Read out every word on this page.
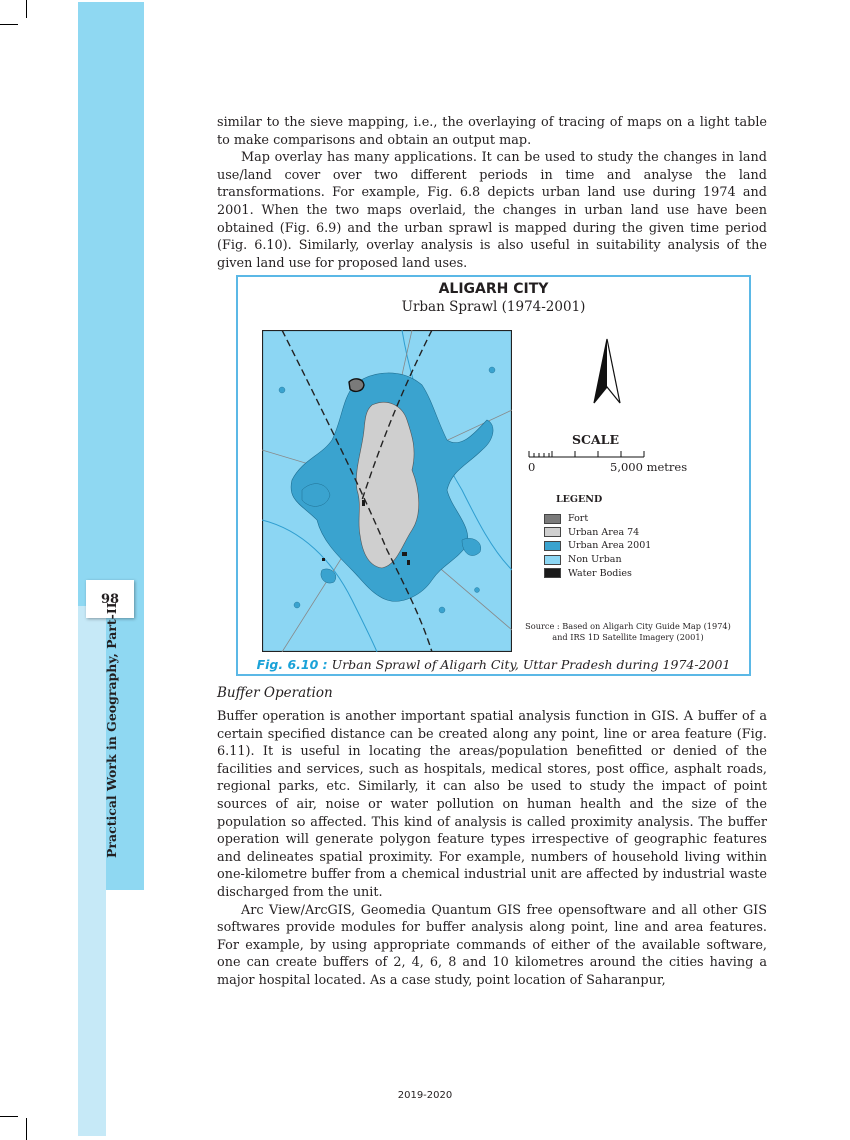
98
Practical Work in Geography, Part-II

similar to the sieve mapping, i.e., the overlaying of tracing of maps on a light table to make comparisons and obtain an output map.

Map overlay has many applications. It can be used to study the changes in land use/land cover over two different periods in time and analyse the land transformations. For example, Fig. 6.8 depicts urban land use during 1974 and 2001. When the two maps overlaid, the changes in urban land use have been obtained (Fig. 6.9) and the urban sprawl is mapped during the given time period (Fig. 6.10). Similarly, overlay analysis is also useful in suitability analysis of the given land use for proposed land uses.

ALIGARH CITY
Urban Sprawl (1974-2001)
SCALE
0	5,000 metres
LEGEND
Fort
Urban Area 74
Urban Area 2001
Non Urban
Water Bodies
Source : Based on Aligarh City Guide Map (1974)
and IRS 1D Satellite Imagery (2001)
Fig. 6.10 : Urban Sprawl of Aligarh City, Uttar Pradesh during 1974-2001
Buffer Operation

Buffer operation is another important spatial analysis function in GIS. A buffer of a certain specified distance can be created along any point, line or area feature (Fig. 6.11). It is useful in locating the areas/population benefitted or denied of the facilities and services, such as hospitals, medical stores, post office, asphalt roads, regional parks, etc. Similarly, it can also be used to study the impact of point sources of air, noise or water pollution on human health and the size of the population so affected. This kind of analysis is called proximity analysis. The buffer operation will generate polygon feature types irrespective of geographic features and delineates spatial proximity. For example, numbers of household living within one-kilometre buffer from a chemical industrial unit are affected by industrial waste discharged from the unit.

Arc View/ArcGIS, Geomedia Quantum GIS free opensoftware and all other GIS softwares provide modules for buffer analysis along point, line and area features. For example, by using appropriate commands of either of the available software, one can create buffers of 2, 4, 6, 8 and 10 kilometres around the cities having a major hospital located. As a case study, point location of Saharanpur,

2019-2020
